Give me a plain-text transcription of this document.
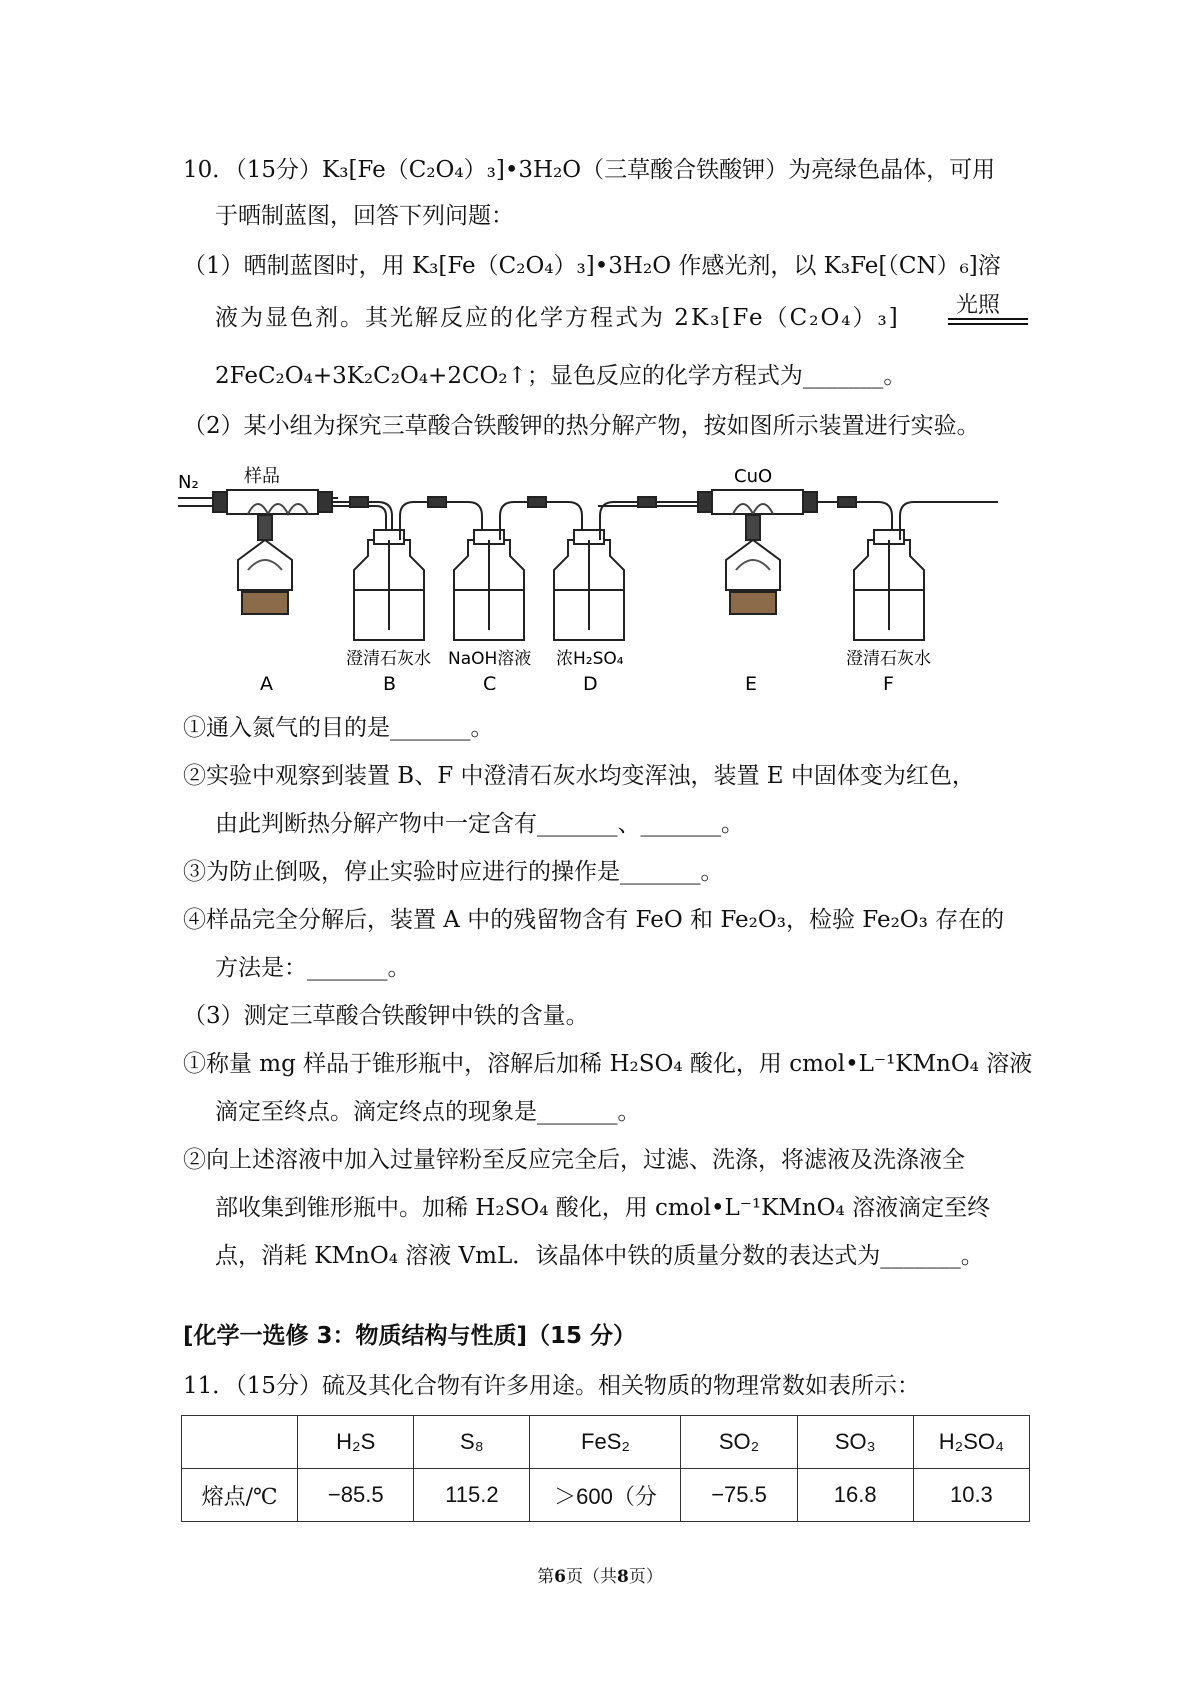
10．（15分）K₃[Fe（C₂O₄）₃]•3H₂O（三草酸合铁酸钾）为亮绿色晶体，可用
于晒制蓝图，回答下列问题：
（1）晒制蓝图时，用 K₃[Fe（C₂O₄）₃]•3H₂O 作感光剂，以 K₃Fe[（CN）₆]溶
液为显色剂。其光解反应的化学方程式为 2K₃[Fe（C₂O₄）₃]	光照
2FeC₂O₄+3K₂C₂O₄+2CO₂↑；显色反应的化学方程式为_______。
（2）某小组为探究三草酸合铁酸钾的热分解产物，按如图所示装置进行实验。
N₂	样品	CuO
澄清石灰水 NaOH溶液 浓H₂SO₄	澄清石灰水
A	B	C	D	E	F
①通入氮气的目的是_______。
②实验中观察到装置 B、F 中澄清石灰水均变浑浊，装置 E 中固体变为红色，
由此判断热分解产物中一定含有_______、_______。
③为防止倒吸，停止实验时应进行的操作是_______。
④样品完全分解后，装置 A 中的残留物含有 FeO 和 Fe₂O₃，检验 Fe₂O₃ 存在的
方法是：_______。
（3）测定三草酸合铁酸钾中铁的含量。
①称量 mg 样品于锥形瓶中，溶解后加稀 H₂SO₄ 酸化，用 cmol•L⁻¹KMnO₄ 溶液
滴定至终点。滴定终点的现象是_______。
②向上述溶液中加入过量锌粉至反应完全后，过滤、洗涤，将滤液及洗涤液全
部收集到锥形瓶中。加稀 H₂SO₄ 酸化，用 cmol•L⁻¹KMnO₄ 溶液滴定至终
点，消耗 KMnO₄ 溶液 VmL．该晶体中铁的质量分数的表达式为_______。
[化学一选修 3：物质结构与性质]（15 分）
11．（15分）硫及其化合物有许多用途。相关物质的物理常数如表所示：
	H₂S	S₈	FeS₂	SO₂	SO₃	H₂SO₄
熔点/℃	−85.5	115.2	＞600（分	−75.5	16.8	10.3
第6页（共8页）
